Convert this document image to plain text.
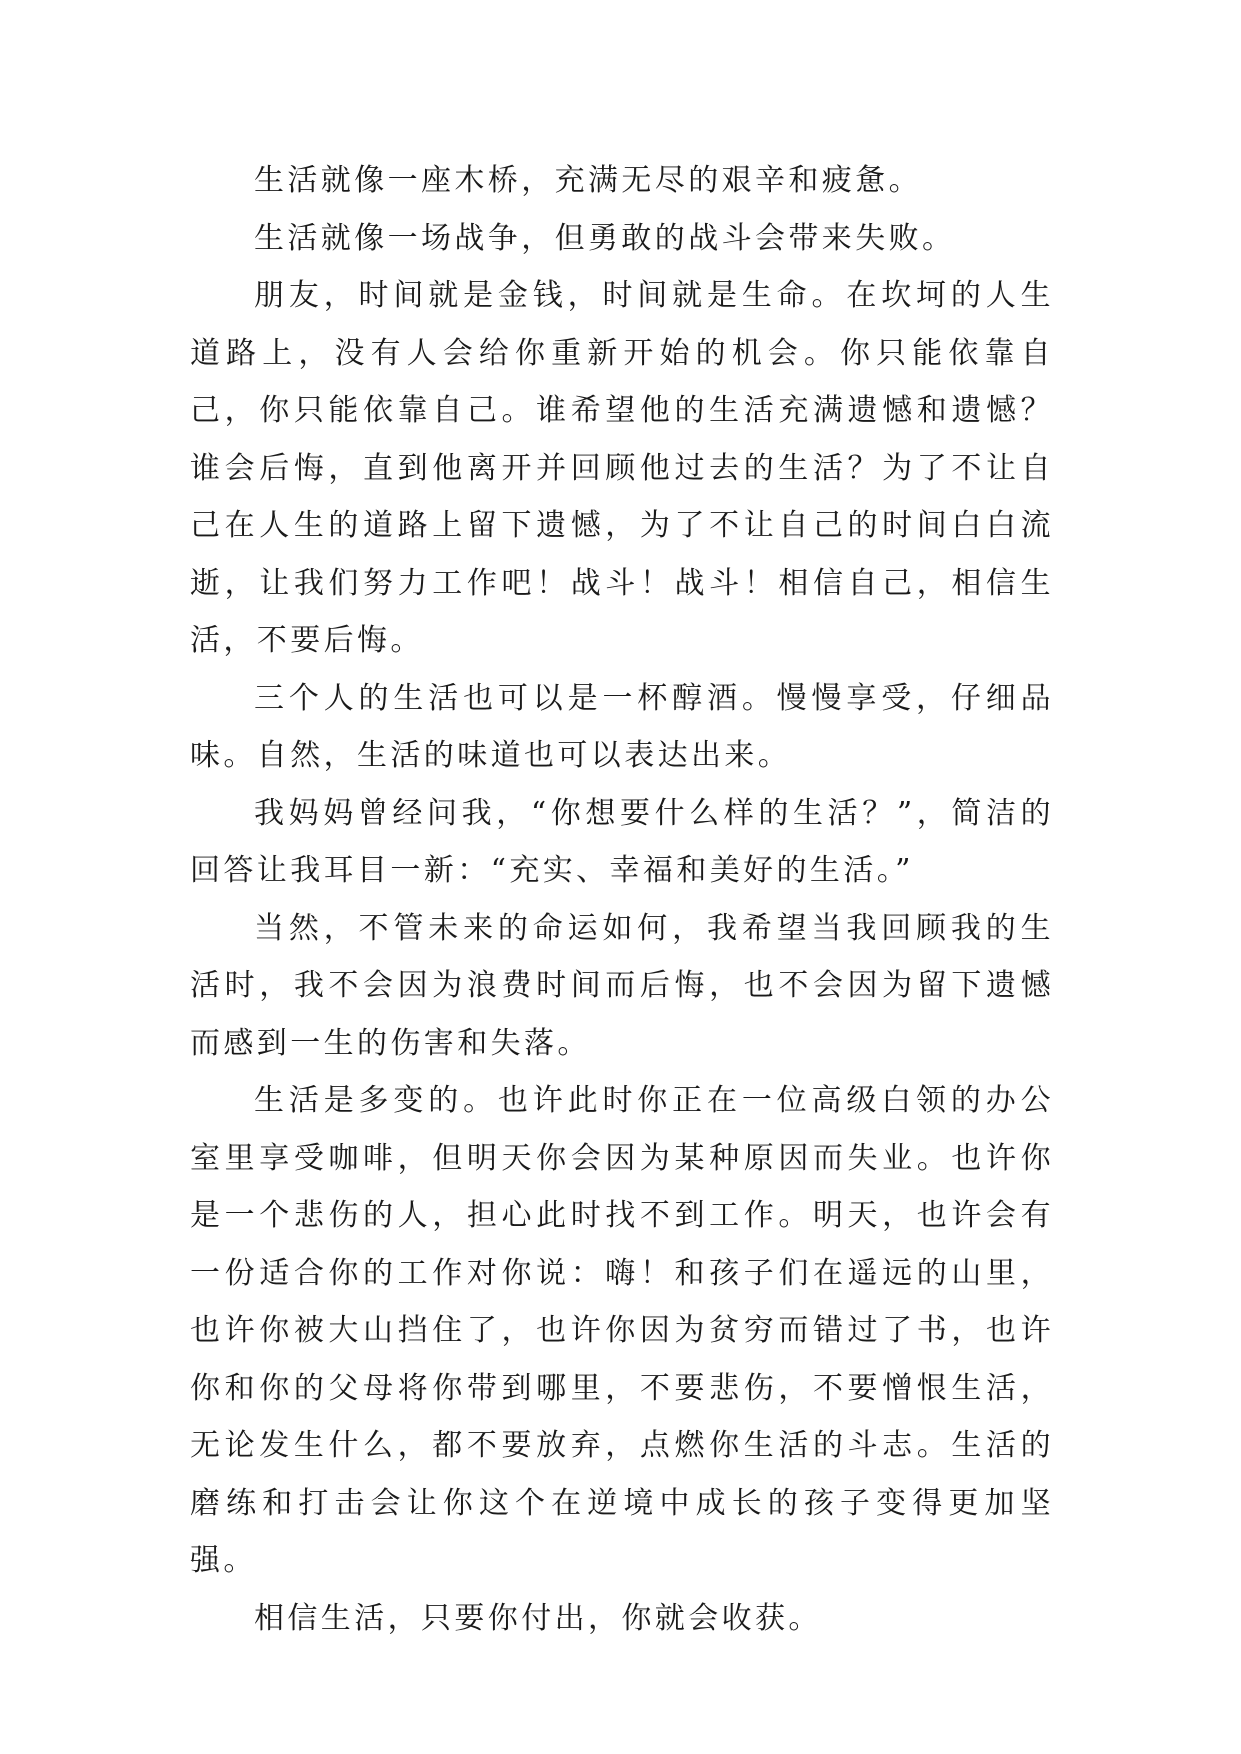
生活就像一座木桥，充满无尽的艰辛和疲惫。

生活就像一场战争，但勇敢的战斗会带来失败。

朋友，时间就是金钱，时间就是生命。在坎坷的人生道路上，没有人会给你重新开始的机会。你只能依靠自己，你只能依靠自己。谁希望他的生活充满遗憾和遗憾？谁会后悔，直到他离开并回顾他过去的生活？为了不让自己在人生的道路上留下遗憾，为了不让自己的时间白白流逝，让我们努力工作吧！战斗！战斗！相信自己，相信生活，不要后悔。

三个人的生活也可以是一杯醇酒。慢慢享受，仔细品味。自然，生活的味道也可以表达出来。

我妈妈曾经问我，“你想要什么样的生活？”，简洁的回答让我耳目一新：“充实、幸福和美好的生活。”

当然，不管未来的命运如何，我希望当我回顾我的生活时，我不会因为浪费时间而后悔，也不会因为留下遗憾而感到一生的伤害和失落。

生活是多变的。也许此时你正在一位高级白领的办公室里享受咖啡，但明天你会因为某种原因而失业。也许你是一个悲伤的人，担心此时找不到工作。明天，也许会有一份适合你的工作对你说：嗨！和孩子们在遥远的山里，也许你被大山挡住了，也许你因为贫穷而错过了书，也许你和你的父母将你带到哪里，不要悲伤，不要憎恨生活，无论发生什么，都不要放弃，点燃你生活的斗志。生活的磨练和打击会让你这个在逆境中成长的孩子变得更加坚强。

相信生活，只要你付出，你就会收获。
